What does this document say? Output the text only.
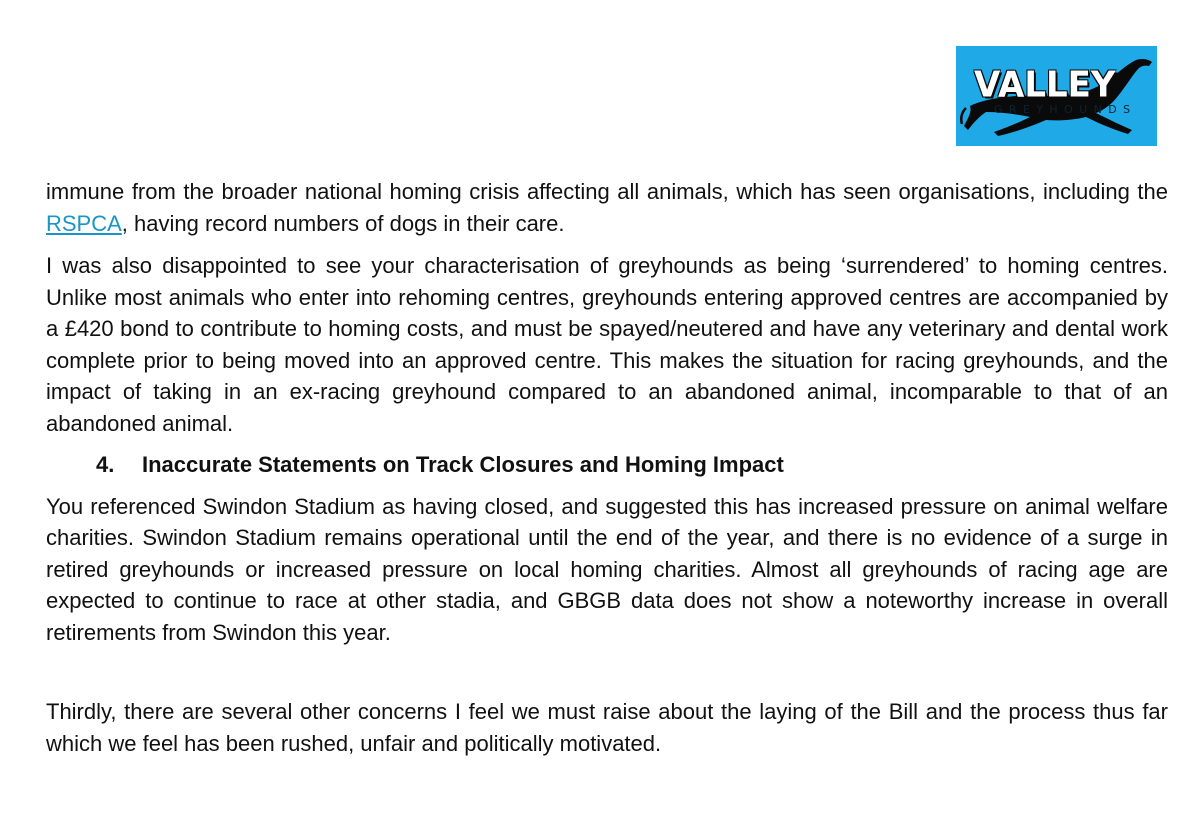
VALLEY
GREYHOUNDS

immune from the broader national homing crisis affecting all animals, which has seen organisations, including the RSPCA, having record numbers of dogs in their care.

I was also disappointed to see your characterisation of greyhounds as being ‘surrendered’ to homing centres. Unlike most animals who enter into rehoming centres, greyhounds entering approved centres are accompanied by a £420 bond to contribute to homing costs, and must be spayed/neutered and have any veterinary and dental work complete prior to being moved into an approved centre. This makes the situation for racing greyhounds, and the impact of taking in an ex-racing greyhound compared to an abandoned animal, incomparable to that of an abandoned animal.

4.	Inaccurate Statements on Track Closures and Homing Impact

You referenced Swindon Stadium as having closed, and suggested this has increased pressure on animal welfare charities. Swindon Stadium remains operational until the end of the year, and there is no evidence of a surge in retired greyhounds or increased pressure on local homing charities. Almost all greyhounds of racing age are expected to continue to race at other stadia, and GBGB data does not show a noteworthy increase in overall retirements from Swindon this year.

Thirdly, there are several other concerns I feel we must raise about the laying of the Bill and the process thus far which we feel has been rushed, unfair and politically motivated.
